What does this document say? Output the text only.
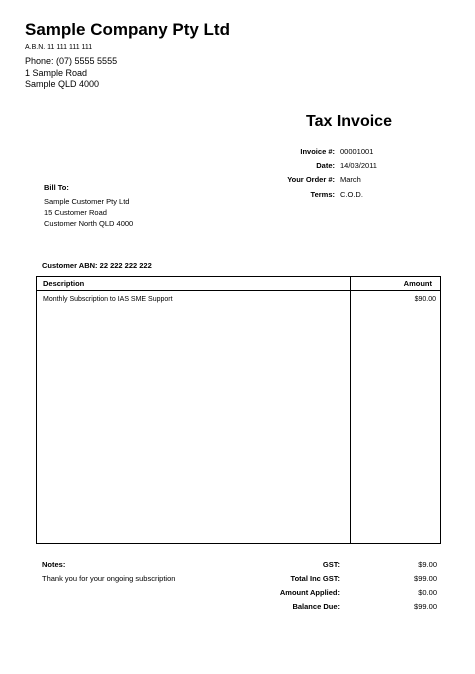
Sample Company Pty Ltd
A.B.N. 11 111 111 111
Phone: (07) 5555 5555
1 Sample Road
Sample QLD 4000
Tax Invoice
Invoice #: 00001001
Date: 14/03/2011
Your Order #: March
Terms: C.O.D.
Bill To:
Sample Customer Pty Ltd
15 Customer Road
Customer North QLD 4000
Customer ABN: 22 222 222 222
Description	Amount
Monthly Subscription to IAS SME Support	$90.00
Notes:
Thank you for your ongoing subscription
GST:	$9.00
Total Inc GST:	$99.00
Amount Applied:	$0.00
Balance Due:	$99.00
